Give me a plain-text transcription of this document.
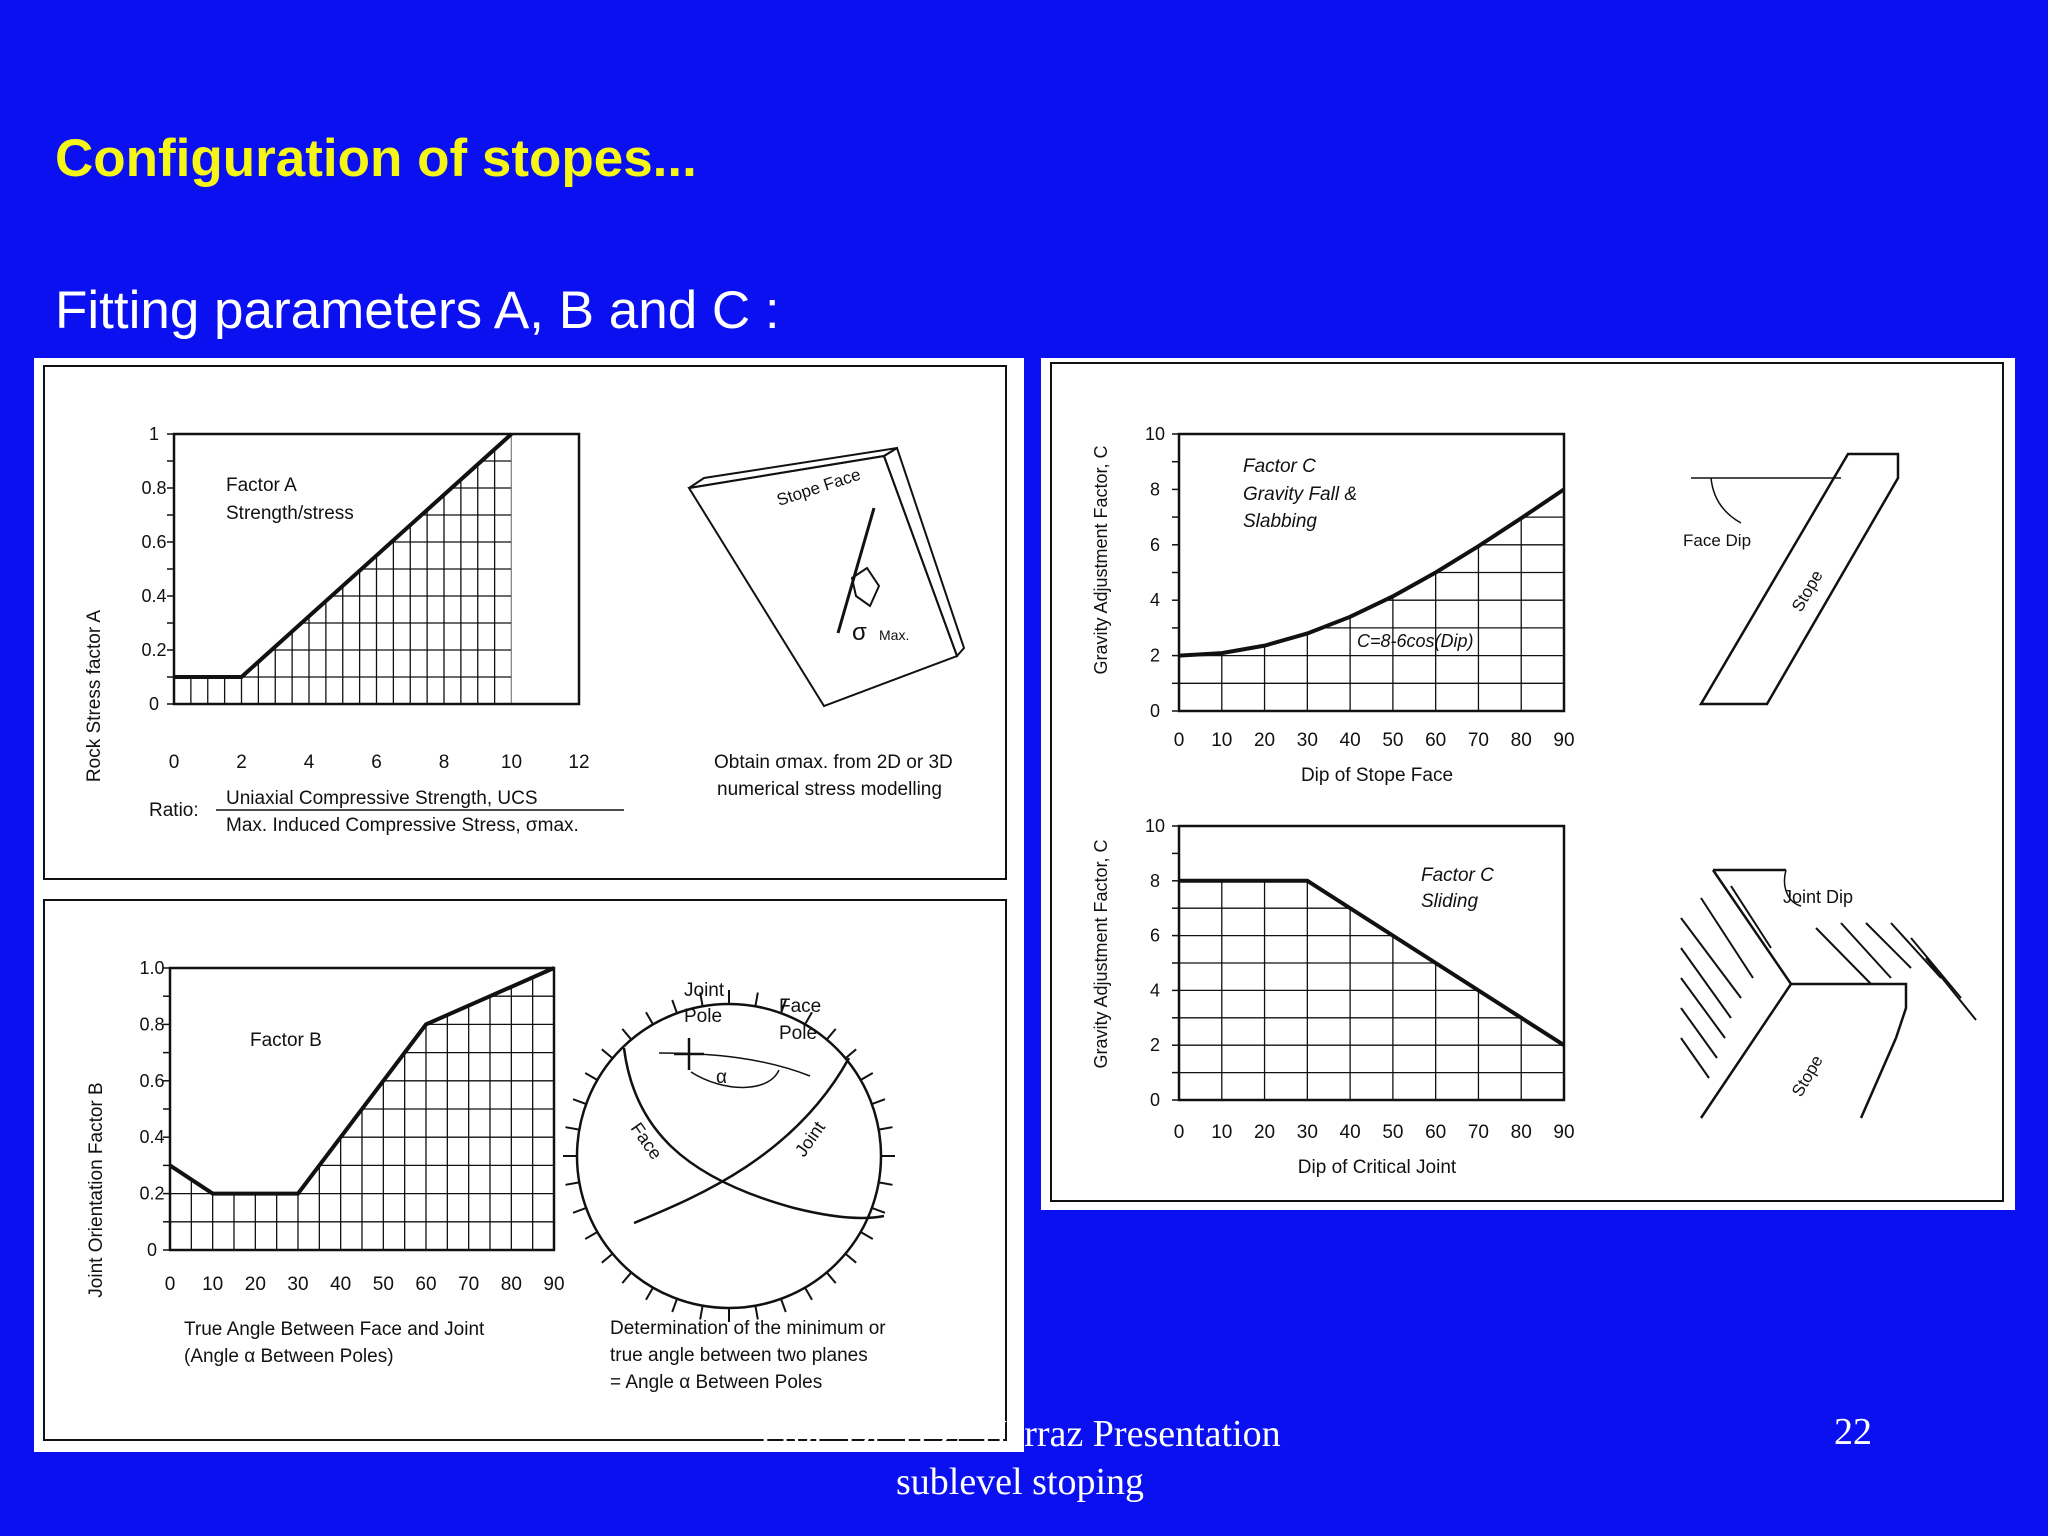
Configuration of stopes...
Fitting parameters A, B and C :
0	2	4	6	8	10 12
0
0.2
0.4
0.6
0.8
1
Factor A
Strength/stress
Rock Stress factor A
Ratio:
Uniaxial Compressive Strength, UCS
Max. Induced Compressive Stress, σmax.
Stope Face
σ Max.
Obtain σmax. from 2D or 3D
numerical stress modelling
0 10 20 30 40 50 60 70 80 90
0
0.2
0.4
0.6
0.8
1.0
Factor B
Joint Orientation Factor B
True Angle Between Face and Joint
(Angle α Between Poles)
Joint
Pole	Face
Pole
α
Face	Joint
Determination of the minimum or
true angle between two planes
= Angle α Between Poles
0 10 20 30 40 50 60 70 80 90
0
2
4
6
8
10
Factor C
Gravity Fall &
Slabbing
C=8-6cos(Dip)
Gravity Adjustment Factor, C
Dip of Stope Face
Face Dip
Stope
0 10 20 30 40 50 60 70 80 90
0
2
4
6
8
10
Factor C
Sliding
Gravity Adjustment Factor, C
Dip of Critical Joint
Joint Dip
Stope
Prof. Dr. H.Z. Harraz Presentation
sublevel stoping
22
